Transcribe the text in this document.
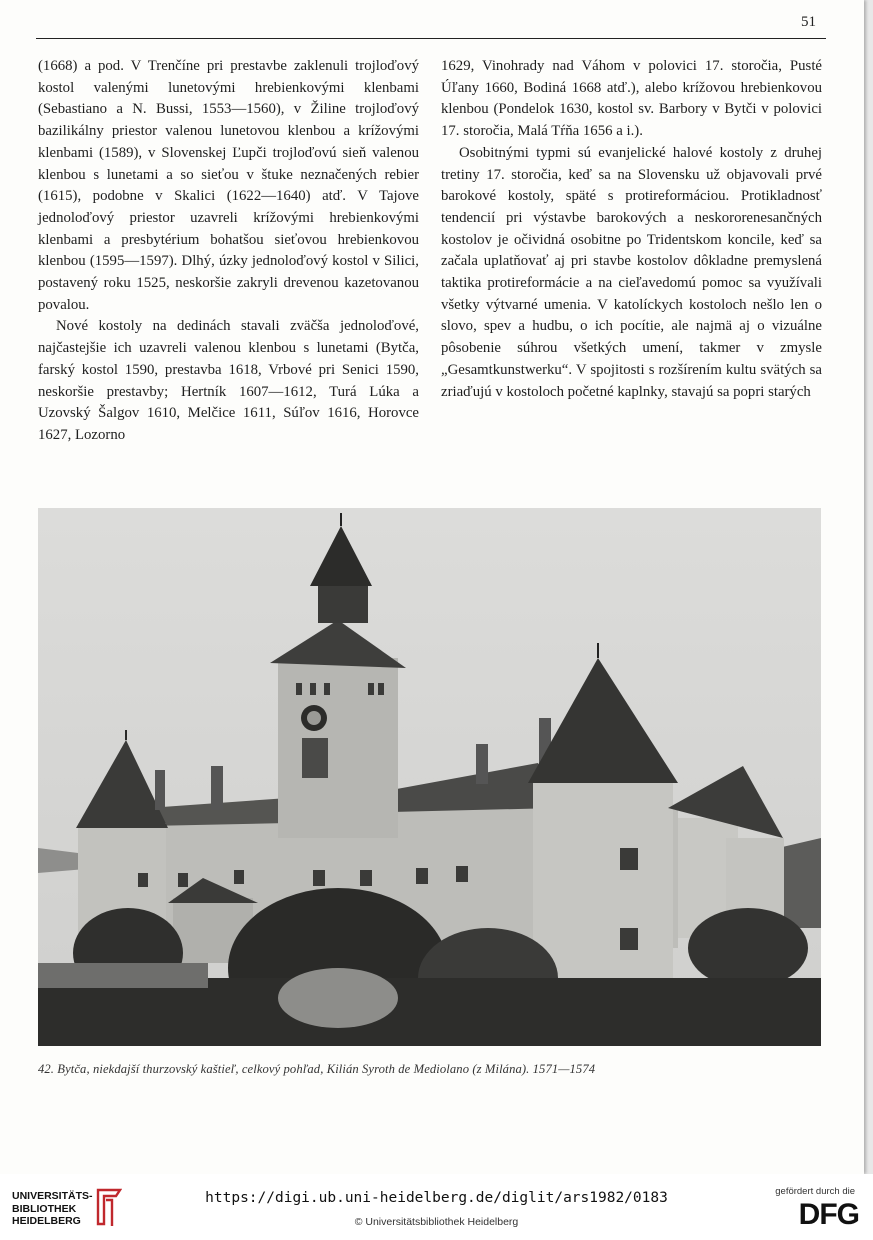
51

(1668) a pod. V Trenčíne pri prestavbe zaklenuli trojloďový kostol valenými lunetovými hrebienkovými klenbami (Sebastiano a N. Bussi, 1553—1560), v Žiline trojloďový bazilikálny priestor valenou lunetovou klenbou a krížovými klenbami (1589), v Slovenskej Ľupči trojloďovú sieň valenou klenbou s lunetami a so sieťou v štuke neznačených rebier (1615), podobne v Skalici (1622—1640) atď. V Tajove jednoloďový priestor uzavreli krížovými hrebienkovými klenbami a presbytérium bohatšou sieťovou hrebienkovou klenbou (1595—1597). Dlhý, úzky jednoloďový kostol v Silici, postavený roku 1525, neskoršie zakryli drevenou kazetovanou povalou.

Nové kostoly na dedinách stavali zväčša jednoloďové, najčastejšie ich uzavreli valenou klenbou s lunetami (Bytča, farský kostol 1590, prestavba 1618, Vrbové pri Senici 1590, neskoršie prestavby; Hertník 1607—1612, Turá Lúka a Uzovský Šalgov 1610, Melčice 1611, Súľov 1616, Horovce 1627, Lozorno

1629, Vinohrady nad Váhom v polovici 17. storočia, Pusté Úľany 1660, Bodiná 1668 atď.), alebo krížovou hrebienkovou klenbou (Pondelok 1630, kostol sv. Barbory v Bytči v polovici 17. storočia, Malá Tŕňa 1656 a i.).

Osobitnými typmi sú evanjelické halové kostoly z druhej tretiny 17. storočia, keď sa na Slovensku už objavovali prvé barokové kostoly, späté s protireformáciou. Protikladnosť tendencií pri výstavbe barokových a neskororenesančných kostolov je očividná osobitne po Tridentskom koncile, keď sa začala uplatňovať aj pri stavbe kostolov dôkladne premyslená taktika protireformácie a na cieľavedomú pomoc sa využívali všetky výtvarné umenia. V katolíckych kostoloch nešlo len o slovo, spev a hudbu, o ich pocítie, ale najmä aj o vizuálne pôsobenie súhrou všetkých umení, takmer v zmysle „Gesamtkunstwerku“. V spojitosti s rozšírením kultu svätých sa zriaďujú v kostoloch početné kaplnky, stavajú sa popri starých

42. Bytča, niekdajší thurzovský kaštieľ, celkový pohľad, Kilián Syroth de Mediolano (z Milána). 1571—1574
UNIVERSITÄTS-
BIBLIOTHEK
HEIDELBERG
https://digi.ub.uni-heidelberg.de/diglit/ars1982/0183
© Universitätsbibliothek Heidelberg
gefördert durch die
DFG
